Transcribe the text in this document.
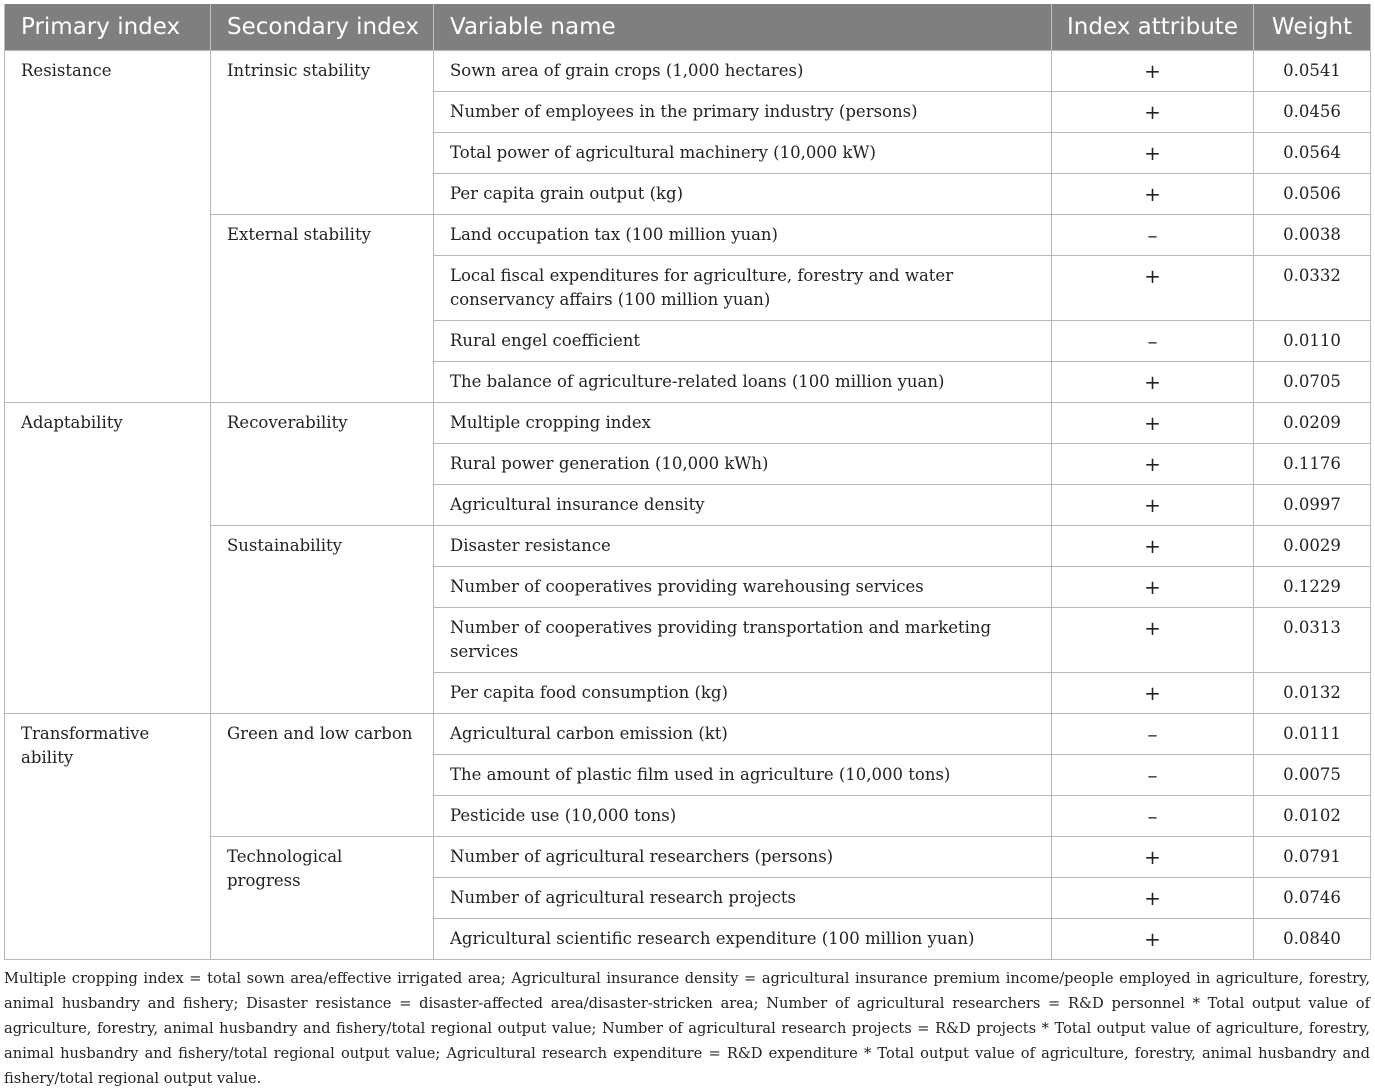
Primary index	Secondary index	Variable name	Index attribute	Weight
Resistance	Intrinsic stability	Sown area of grain crops (1,000 hectares)	+	0.0541
		Number of employees in the primary industry (persons)	+	0.0456
		Total power of agricultural machinery (10,000 kW)	+	0.0564
		Per capita grain output (kg)	+	0.0506
	External stability	Land occupation tax (100 million yuan)	–	0.0038
		Local fiscal expenditures for agriculture, forestry and water conservancy affairs (100 million yuan)	+	0.0332
		Rural engel coefficient	–	0.0110
		The balance of agriculture-related loans (100 million yuan)	+	0.0705
Adaptability	Recoverability	Multiple cropping index	+	0.0209
		Rural power generation (10,000 kWh)	+	0.1176
		Agricultural insurance density	+	0.0997
	Sustainability	Disaster resistance	+	0.0029
		Number of cooperatives providing warehousing services	+	0.1229
		Number of cooperatives providing transportation and marketing services	+	0.0313
		Per capita food consumption (kg)	+	0.0132
Transformative ability	Green and low carbon	Agricultural carbon emission (kt)	–	0.0111
		The amount of plastic film used in agriculture (10,000 tons)	–	0.0075
		Pesticide use (10,000 tons)	–	0.0102
	Technological progress	Number of agricultural researchers (persons)	+	0.0791
		Number of agricultural research projects	+	0.0746
		Agricultural scientific research expenditure (100 million yuan)	+	0.0840
Multiple cropping index = total sown area/effective irrigated area; Agricultural insurance density = agricultural insurance premium income/people employed in agriculture, forestry, animal husbandry and fishery; Disaster resistance = disaster-affected area/disaster-stricken area; Number of agricultural researchers = R&D personnel * Total output value of agriculture, forestry, animal husbandry and fishery/total regional output value; Number of agricultural research projects = R&D projects * Total output value of agriculture, forestry, animal husbandry and fishery/total regional output value; Agricultural research expenditure = R&D expenditure * Total output value of agriculture, forestry, animal husbandry and fishery/total regional output value.
